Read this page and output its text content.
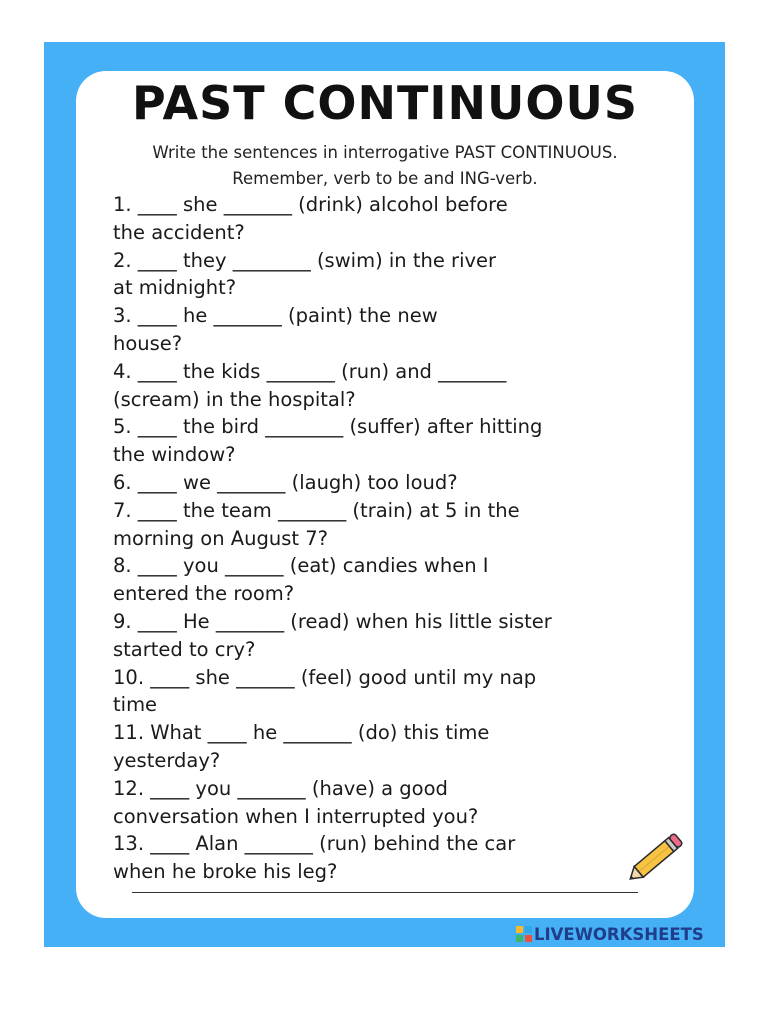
PAST CONTINUOUS
Write the sentences in interrogative PAST CONTINUOUS.
Remember, verb to be and ING-verb.
1. ____ she _______ (drink) alcohol before
the accident?
2. ____ they ________ (swim) in the river
at midnight?
3. ____ he _______ (paint) the new
house?
4. ____ the kids _______ (run) and _______
(scream) in the hospital?
5. ____ the bird ________ (suffer) after hitting
the window?
6. ____ we _______ (laugh) too loud?
7. ____ the team _______ (train) at 5 in the
morning on August 7?
8. ____ you ______ (eat) candies when I
entered the room?
9. ____ He _______ (read) when his little sister
started to cry?
10. ____ she ______ (feel) good until my nap
time
11. What ____ he _______ (do) this time
yesterday?
12. ____ you _______ (have) a good
conversation when I interrupted you?
13. ____ Alan _______ (run) behind the car
when he broke his leg?
LIVEWORKSHEETS
